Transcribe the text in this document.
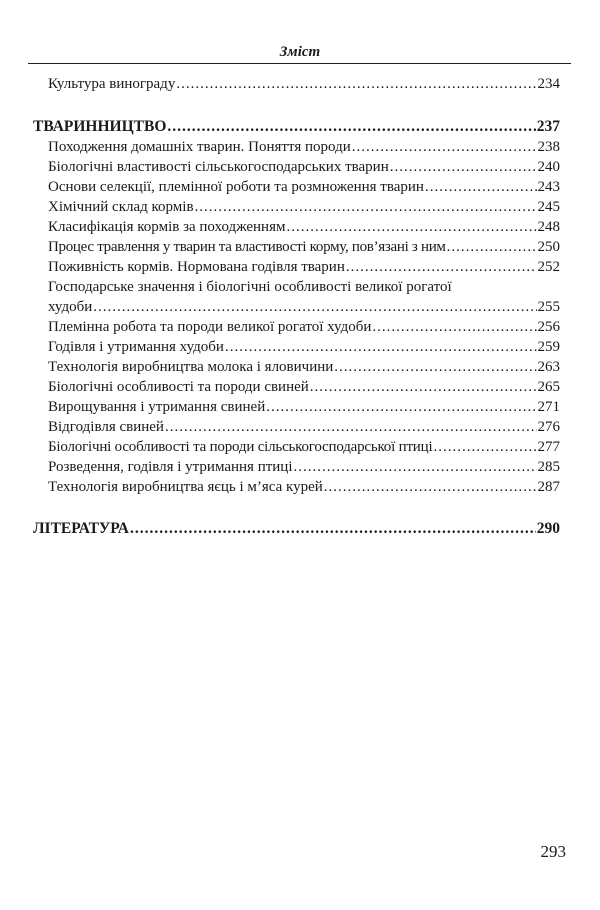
Зміст
Культура винограду .....	234
ТВАРИННИЦТВО .....	237
Походження домашніх тварин. Поняття породи .....	238
Біологічні властивості сільськогосподарських тварин .....	240
Основи селекції, племінної роботи та розмноження тварин .....	243
Хімічний склад кормів .....	245
Класифікація кормів за походженням .....	248
Процес травлення у тварин та властивості корму, пов’язані з ним .....	250
Поживність кормів. Нормована годівля тварин .....	252
Господарське значення і біологічні особливості великої рогатої
худоби .....	255
Племінна робота та породи великої рогатої худоби .....	256
Годівля і утримання худоби .....	259
Технологія виробництва молока і яловичини .....	263
Біологічні особливості та породи свиней .....	265
Вирощування і утримання свиней .....	271
Відгодівля свиней .....	276
Біологічні особливості та породи сільськогосподарської птиці .....	277
Розведення, годівля і утримання птиці .....	285
Технологія виробництва яєць і м’яса курей .....	287
ЛІТЕРАТУРА .....	290
293
